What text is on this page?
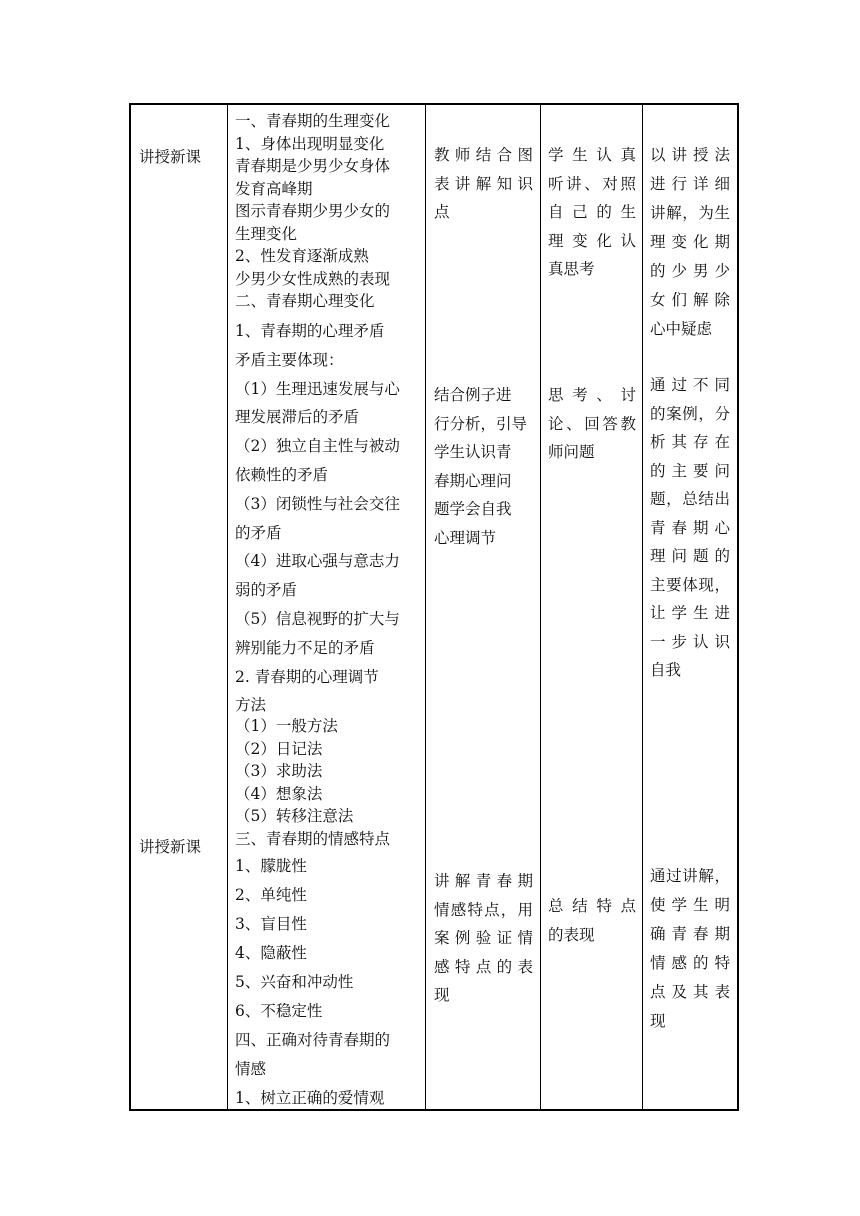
讲授新课

讲授新课

一、青春期的生理变化
1、身体出现明显变化
青春期是少男少女身体
发育高峰期
图示青春期少男少女的
生理变化
2、性发育逐渐成熟
少男少女性成熟的表现
二、青春期心理变化
1、青春期的心理矛盾
矛盾主要体现：
（1）生理迅速发展与心
理发展滞后的矛盾
（2）独立自主性与被动
依赖性的矛盾
（3）闭锁性与社会交往
的矛盾
（4）进取心强与意志力
弱的矛盾
（5）信息视野的扩大与
辨别能力不足的矛盾
2. 青春期的心理调节
方法
（1）一般方法
（2）日记法
（3）求助法
（4）想象法
（5）转移注意法
三、青春期的情感特点
1、朦胧性
2、单纯性
3、盲目性
4、隐蔽性
5、兴奋和冲动性
6、不稳定性
四、正确对待青春期的
情感
1、树立正确的爱情观
教师结合图
表讲解知识
点
结合例子进
行分析，引导
学生认识青
春期心理问
题学会自我
心理调节
讲解青春期
情感特点，用
案例验证情
感特点的表
现
学生认真
听讲、对照
自己的生
理变化认
真思考
思考、讨
论、回答教
师问题
总结特点
的表现
以讲授法
进行详细
讲解，为生
理变化期
的少男少
女们解除
心中疑虑
通过不同
的案例，分
析其存在
的主要问
题，总结出
青春期心
理问题的
主要体现，
让学生进
一步认识
自我
通过讲解，
使学生明
确青春期
情感的特
点及其表
现
